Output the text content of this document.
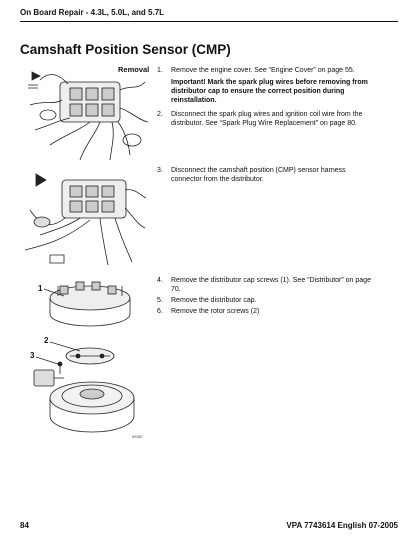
On Board Repair - 4.3L, 5.0L, and 5.7L
Camshaft Position Sensor (CMP)
Removal 1. Remove the engine cover. See “Engine Cover” on page 55.
Important! Mark the spark plug wires before removing from distributor cap to ensure the correct position during reinstallation.
2. Disconnect the spark plug wires and ignition coil wire from the distributor. See “Spark Plug Wire Replacement” on page 80.
3. Disconnect the camshaft position (CMP) sensor harness connector from the distributor.
4. Remove the distributor cap screws (1). See “Distributor” on page 70.
5. Remove the distributor cap.
6. Remove the rotor screws (2)
1
2
3
09267
84	VPA 7743614 English 07-2005
